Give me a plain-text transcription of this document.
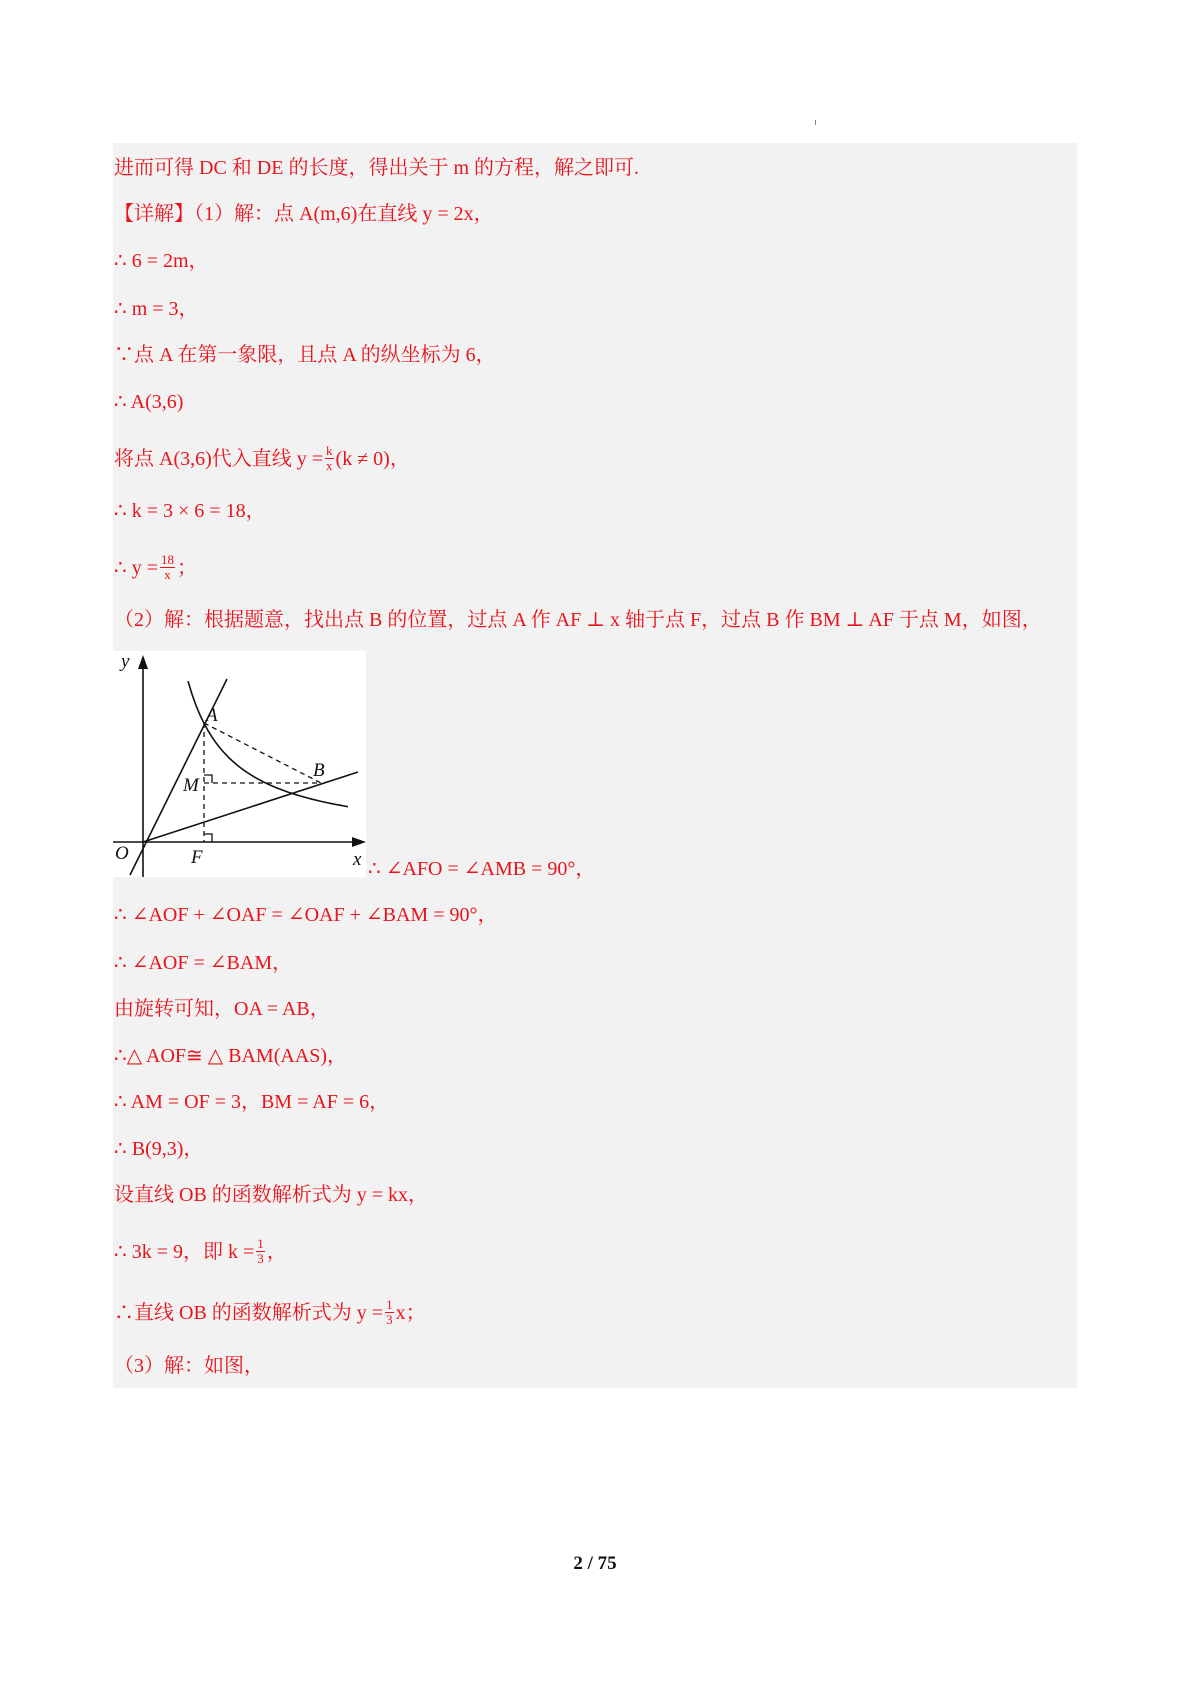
进而可得 DC 和 DE 的长度，得出关于 m 的方程，解之即可.
【详解】（1）解：点 A(m,6)在直线 y = 2x，
∴ 6 = 2m，
∴ m = 3，
∵点 A 在第一象限，且点 A 的纵坐标为 6，
∴ A(3,6)
将点 A(3,6)代入直线 $y = \frac{k}{x} (k \ne 0)$，
∴ k = 3 × 6 = 18，
∴ $y = \frac{18}{x}$ ；
（2）解：根据题意，找出点 B 的位置，过点 A 作 AF ⊥ x 轴于点 F，过点 B 作 BM ⊥ AF 于点 M，如图，
∴ ∠AFO = ∠AMB = 90°，
∴ ∠AOF + ∠OAF = ∠OAF + ∠BAM = 90°，
∴ ∠AOF = ∠BAM，
由旋转可知，OA = AB，
∴△ AOF≅ △ BAM(AAS)，
∴ AM = OF = 3，BM = AF = 6，
∴ B(9,3)，
设直线 OB 的函数解析式为 y = kx，
∴ 3k = 9，即 $k = \frac{1}{3}$ ，
∴直线 OB 的函数解析式为 $y = \frac{1}{3}$ x；
（3）解：如图，
y
x
O
A
B
M
F
2 / 75
